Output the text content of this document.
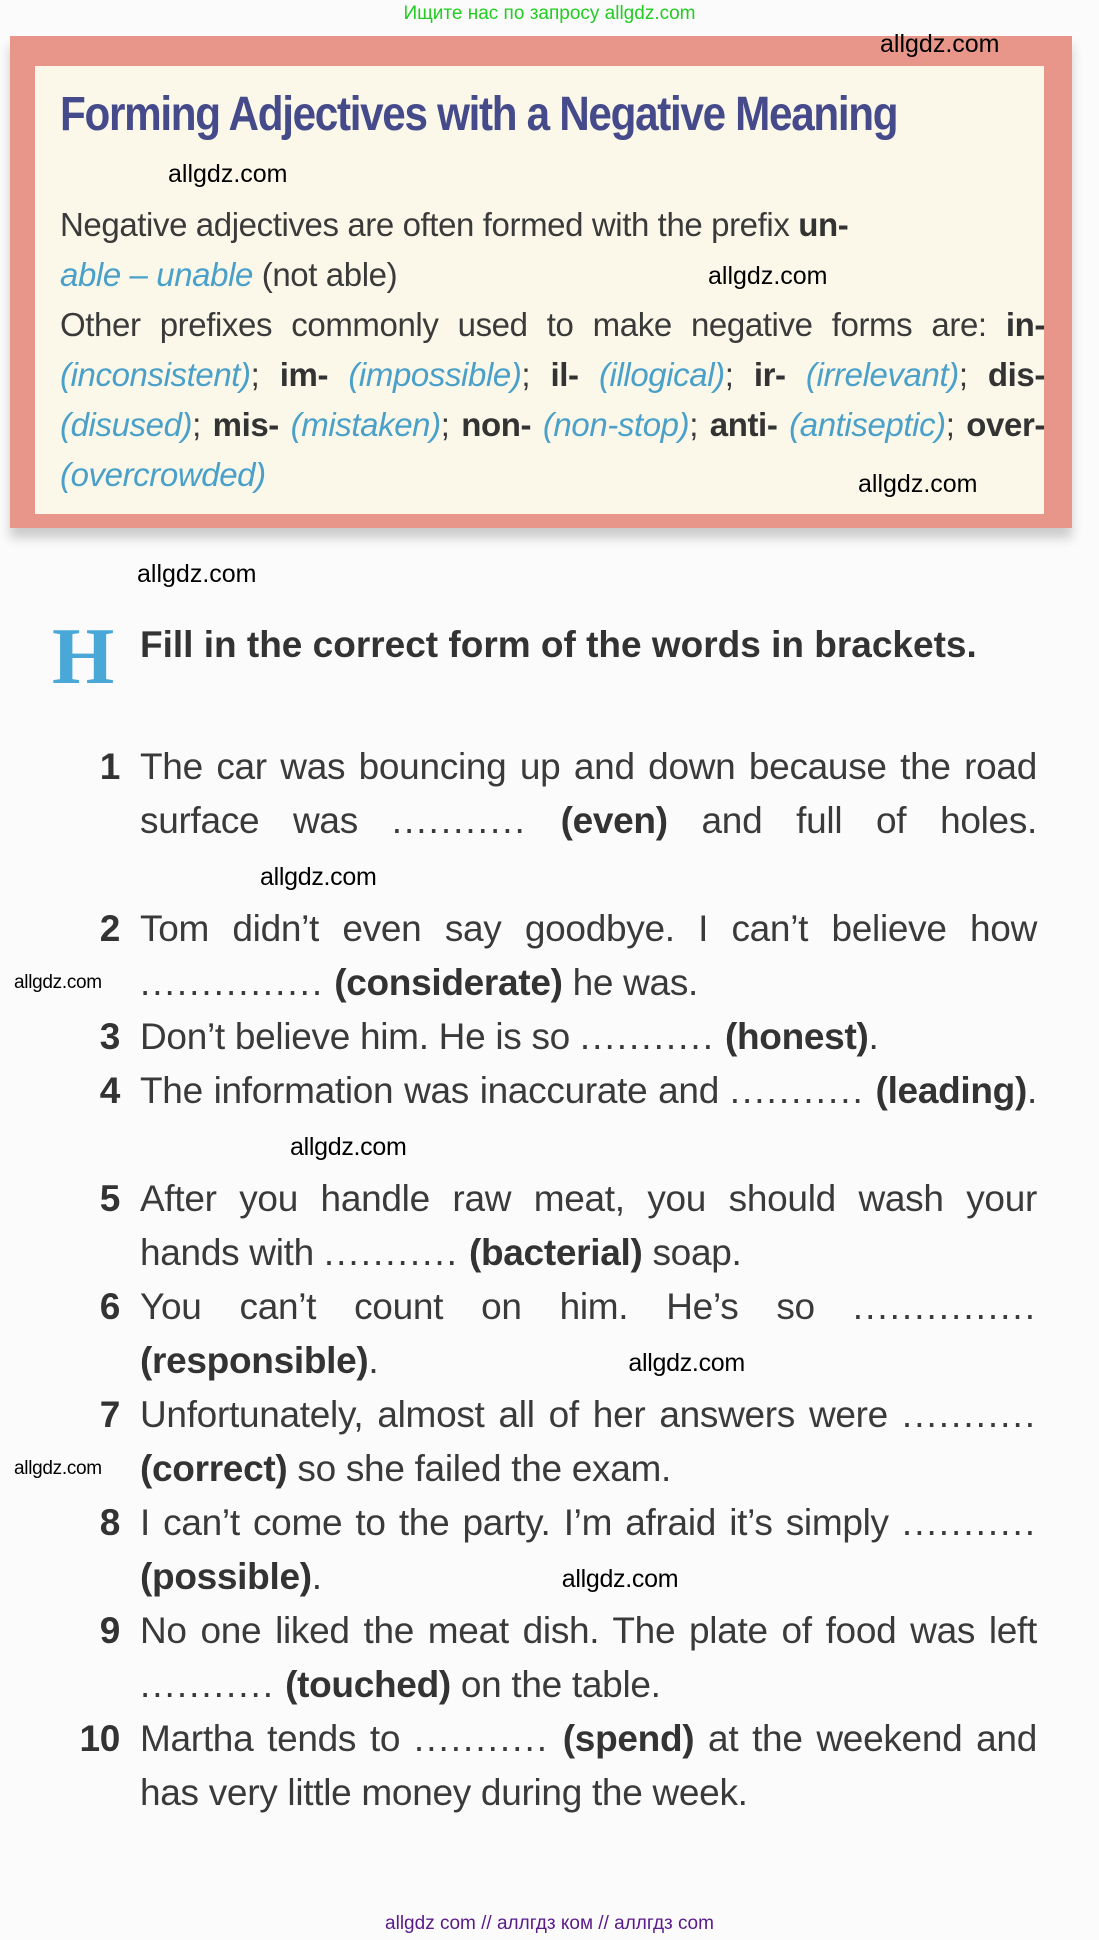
Ищите нас по запросу allgdz.com
Forming Adjectives with a Negative Meaning
Negative adjectives are often formed with the prefix un-
able – unable (not able)
Other prefixes commonly used to make negative forms are: in- (inconsistent); im- (impossible); il- (illogical); ir- (irrelevant); dis- (disused); mis- (mistaken); non- (non-stop); anti- (antiseptic); over- (overcrowded)
allgdz.com
allgdz.com
allgdz.com
allgdz.com
allgdz.com
H Fill in the correct form of the words in brackets.
1 The car was bouncing up and down because the road surface was ........... (even) and full of holes.allgdz.com
2
allgdz.com
Tom didn’t even say goodbye. I can’t believe how ............... (considerate) he was.
3 Don’t believe him. He is so ........... (honest).
4 The information was inaccurate and ........... (leading).allgdz.com
5 After you handle raw meat, you should wash your hands with ........... (bacterial) soap.
6 You can’t count on him. He’s so ............... (responsible).	allgdz.com
7
allgdz.com
Unfortunately, almost all of her answers were ........... (correct) so she failed the exam.
8 I can’t come to the party. I’m afraid it’s simply ........... (possible).	allgdz.com
9 No one liked the meat dish. The plate of food was left ........... (touched) on the table.
10 Martha tends to ........... (spend) at the weekend and has very little money during the week.
allgdz com // аллгдз ком // аллгдз com
